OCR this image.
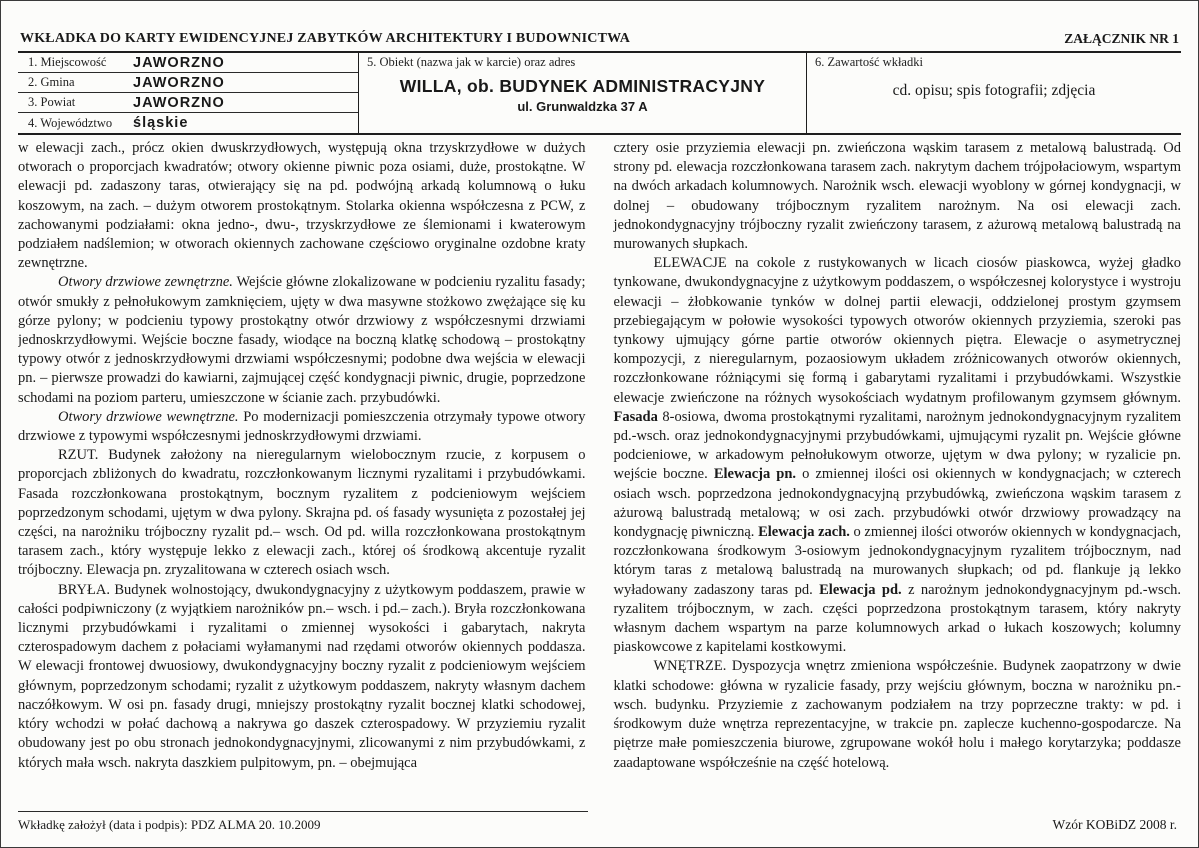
WKŁADKA DO KARTY EWIDENCYJNEJ ZABYTKÓW ARCHITEKTURY I BUDOWNICTWA	ZAŁĄCZNIK NR 1
1. Miejscowość	JAWORZNO
2. Gmina	JAWORZNO
3. Powiat	JAWORZNO
4. Województwo	śląskie
5. Obiekt (nazwa jak w karcie) oraz adres
WILLA, ob. BUDYNEK ADMINISTRACYJNY
ul. Grunwaldzka 37 A
6. Zawartość wkładki
cd. opisu; spis fotografii; zdjęcia

w elewacji zach., prócz okien dwuskrzydłowych, występują okna trzyskrzydłowe w dużych otworach o proporcjach kwadratów; otwory okienne piwnic poza osiami, duże, prostokątne. W elewacji pd. zadaszony taras, otwierający się na pd. podwójną arkadą kolumnową o łuku koszowym, na zach. – dużym otworem prostokątnym. Stolarka okienna współczesna z PCW, z zachowanymi podziałami: okna jedno-, dwu-, trzyskrzydłowe ze ślemionami i kwaterowym podziałem nadślemion; w otworach okiennych zachowane częściowo oryginalne ozdobne kraty zewnętrzne.

Otwory drzwiowe zewnętrzne. Wejście główne zlokalizowane w podcieniu ryzalitu fasady; otwór smukły z pełnołukowym zamknięciem, ujęty w dwa masywne stożkowo zwężające się ku górze pylony; w podcieniu typowy prostokątny otwór drzwiowy z współczesnymi drzwiami jednoskrzydłowymi. Wejście boczne fasady, wiodące na boczną klatkę schodową – prostokątny typowy otwór z jednoskrzydłowymi drzwiami współczesnymi; podobne dwa wejścia w elewacji pn. – pierwsze prowadzi do kawiarni, zajmującej część kondygnacji piwnic, drugie, poprzedzone schodami na poziom parteru, umieszczone w ścianie zach. przybudówki.

Otwory drzwiowe wewnętrzne. Po modernizacji pomieszczenia otrzymały typowe otwory drzwiowe z typowymi współczesnymi jednoskrzydłowymi drzwiami.

RZUT. Budynek założony na nieregularnym wielobocznym rzucie, z korpusem o proporcjach zbliżonych do kwadratu, rozczłonkowanym licznymi ryzalitami i przybudówkami. Fasada rozczłonkowana prostokątnym, bocznym ryzalitem z podcieniowym wejściem poprzedzonym schodami, ujętym w dwa pylony. Skrajna pd. oś fasady wysunięta z pozostałej jej części, na narożniku trójboczny ryzalit pd.– wsch. Od pd. willa rozczłonkowana prostokątnym tarasem zach., który występuje lekko z elewacji zach., której oś środkową akcentuje ryzalit trójboczny. Elewacja pn. zryzalitowana w czterech osiach wsch.

BRYŁA. Budynek wolnostojący, dwukondygnacyjny z użytkowym poddaszem, prawie w całości podpiwniczony (z wyjątkiem narożników pn.– wsch. i pd.– zach.). Bryła rozczłonkowana licznymi przybudówkami i ryzalitami o zmiennej wysokości i gabarytach, nakryta czterospadowym dachem z połaciami wyłamanymi nad rzędami otworów okiennych poddasza. W elewacji frontowej dwuosiowy, dwukondygnacyjny boczny ryzalit z podcieniowym wejściem głównym, poprzedzonym schodami; ryzalit z użytkowym poddaszem, nakryty własnym dachem naczółkowym. W osi pn. fasady drugi, mniejszy prostokątny ryzalit bocznej klatki schodowej, który wchodzi w połać dachową a nakrywa go daszek czterospadowy. W przyziemiu ryzalit obudowany jest po obu stronach jednokondygnacyjnymi, zlicowanymi z nim przybudówkami, z których mała wsch. nakryta daszkiem pulpitowym, pn. – obejmująca

cztery osie przyziemia elewacji pn. zwieńczona wąskim tarasem z metalową balustradą. Od strony pd. elewacja rozczłonkowana tarasem zach. nakrytym dachem trójpołaciowym, wspartym na dwóch arkadach kolumnowych. Narożnik wsch. elewacji wyoblony w górnej kondygnacji, w dolnej – obudowany trójbocznym ryzalitem narożnym. Na osi elewacji zach. jednokondygnacyjny trójboczny ryzalit zwieńczony tarasem, z ażurową metalową balustradą na murowanych słupkach.

ELEWACJE na cokole z rustykowanych w licach ciosów piaskowca, wyżej gładko tynkowane, dwukondygnacyjne z użytkowym poddaszem, o współczesnej kolorystyce i wystroju elewacji – żłobkowanie tynków w dolnej partii elewacji, oddzielonej prostym gzymsem przebiegającym w połowie wysokości typowych otworów okiennych przyziemia, szeroki pas tynkowy ujmujący górne partie otworów okiennych piętra. Elewacje o asymetrycznej kompozycji, z nieregularnym, pozaosiowym układem zróżnicowanych otworów okiennych, rozczłonkowane różniącymi się formą i gabarytami ryzalitami i przybudówkami. Wszystkie elewacje zwieńczone na różnych wysokościach wydatnym profilowanym gzymsem głównym. Fasada 8-osiowa, dwoma prostokątnymi ryzalitami, narożnym jednokondygnacyjnym ryzalitem pd.-wsch. oraz jednokondygnacyjnymi przybudówkami, ujmującymi ryzalit pn. Wejście główne podcieniowe, w arkadowym pełnołukowym otworze, ujętym w dwa pylony; w ryzalicie pn. wejście boczne. Elewacja pn. o zmiennej ilości osi okiennych w kondygnacjach; w czterech osiach wsch. poprzedzona jednokondygnacyjną przybudówką, zwieńczona wąskim tarasem z ażurową balustradą metalową; w osi zach. przybudówki otwór drzwiowy prowadzący na kondygnację piwniczną. Elewacja zach. o zmiennej ilości otworów okiennych w kondygnacjach, rozczłonkowana środkowym 3-osiowym jednokondygnacyjnym ryzalitem trójbocznym, nad którym taras z metalową balustradą na murowanych słupkach; od pd. flankuje ją lekko wyładowany zadaszony taras pd. Elewacja pd. z narożnym jednokondygnacyjnym pd.-wsch. ryzalitem trójbocznym, w zach. części poprzedzona prostokątnym tarasem, który nakryty własnym dachem wspartym na parze kolumnowych arkad o łukach koszowych; kolumny piaskowcowe z kapitelami kostkowymi.

WNĘTRZE. Dyspozycja wnętrz zmieniona współcześnie. Budynek zaopatrzony w dwie klatki schodowe: główna w ryzalicie fasady, przy wejściu głównym, boczna w narożniku pn.-wsch. budynku. Przyziemie z zachowanym podziałem na trzy poprzeczne trakty: w pd. i środkowym duże wnętrza reprezentacyjne, w trakcie pn. zaplecze kuchenno-gospodarcze. Na piętrze małe pomieszczenia biurowe, zgrupowane wokół holu i małego korytarzyka; poddasze zaadaptowane współcześnie na część hotelową.

Wkładkę założył (data i podpis): PDZ ALMA 20. 10.2009	Wzór KOBiDZ 2008 r.
